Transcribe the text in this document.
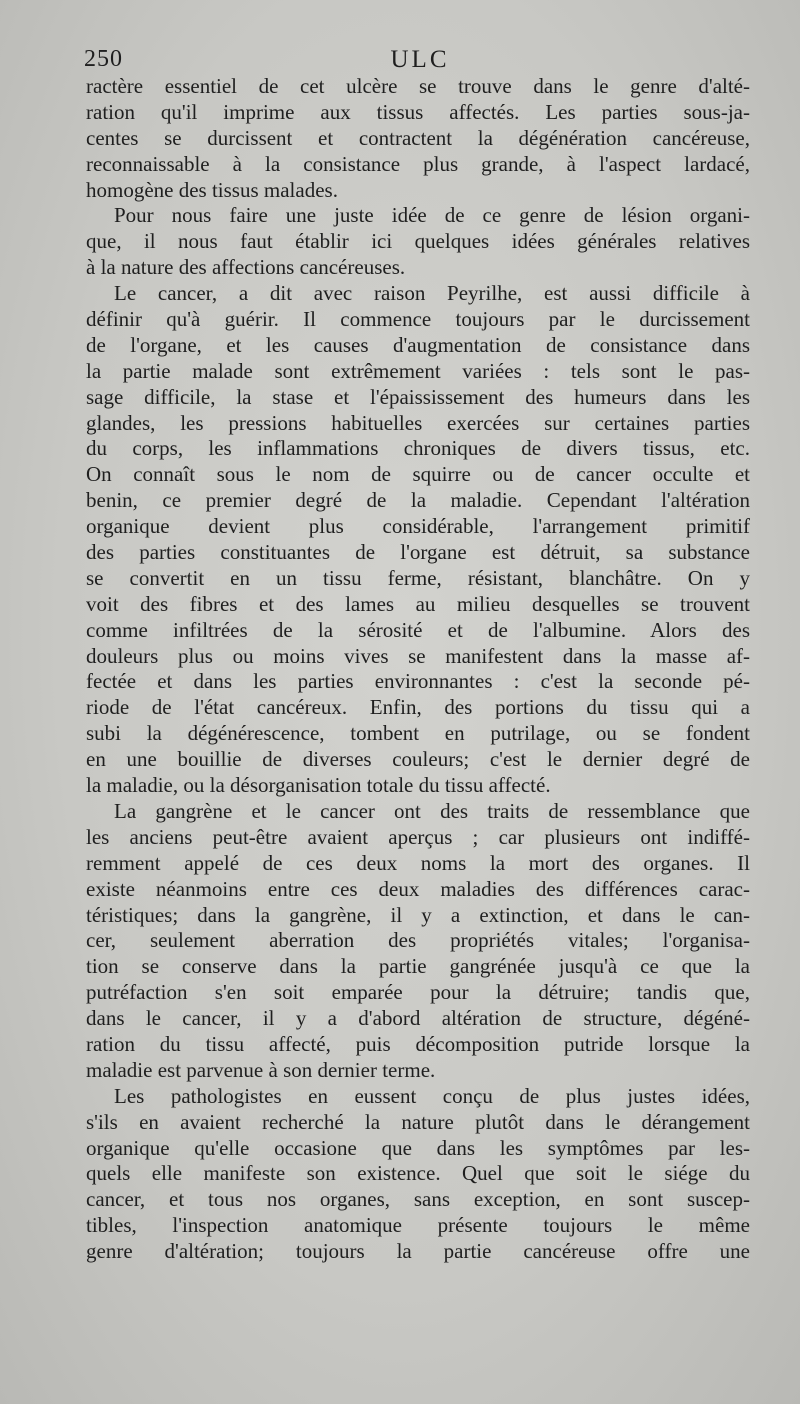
250	ULC
ractère essentiel de cet ulcère se trouve dans le genre d'alté-
ration qu'il imprime aux tissus affectés. Les parties sous-ja-
centes se durcissent et contractent la dégénération cancéreuse,
reconnaissable à la consistance plus grande, à l'aspect lardacé,
homogène des tissus malades.
Pour nous faire une juste idée de ce genre de lésion organi-
que, il nous faut établir ici quelques idées générales relatives
à la nature des affections cancéreuses.
Le cancer, a dit avec raison Peyrilhe, est aussi difficile à
définir qu'à guérir. Il commence toujours par le durcissement
de l'organe, et les causes d'augmentation de consistance dans
la partie malade sont extrêmement variées : tels sont le pas-
sage difficile, la stase et l'épaississement des humeurs dans les
glandes, les pressions habituelles exercées sur certaines parties
du corps, les inflammations chroniques de divers tissus, etc.
On connaît sous le nom de squirre ou de cancer occulte et
benin, ce premier degré de la maladie. Cependant l'altération
organique devient plus considérable, l'arrangement primitif
des parties constituantes de l'organe est détruit, sa substance
se convertit en un tissu ferme, résistant, blanchâtre. On y
voit des fibres et des lames au milieu desquelles se trouvent
comme infiltrées de la sérosité et de l'albumine. Alors des
douleurs plus ou moins vives se manifestent dans la masse af-
fectée et dans les parties environnantes : c'est la seconde pé-
riode de l'état cancéreux. Enfin, des portions du tissu qui a
subi la dégénérescence, tombent en putrilage, ou se fondent
en une bouillie de diverses couleurs; c'est le dernier degré de
la maladie, ou la désorganisation totale du tissu affecté.
La gangrène et le cancer ont des traits de ressemblance que
les anciens peut-être avaient aperçus ; car plusieurs ont indiffé-
remment appelé de ces deux noms la mort des organes. Il
existe néanmoins entre ces deux maladies des différences carac-
téristiques; dans la gangrène, il y a extinction, et dans le can-
cer, seulement aberration des propriétés vitales; l'organisa-
tion se conserve dans la partie gangrénée jusqu'à ce que la
putréfaction s'en soit emparée pour la détruire; tandis que,
dans le cancer, il y a d'abord altération de structure, dégéné-
ration du tissu affecté, puis décomposition putride lorsque la
maladie est parvenue à son dernier terme.
Les pathologistes en eussent conçu de plus justes idées,
s'ils en avaient recherché la nature plutôt dans le dérangement
organique qu'elle occasione que dans les symptômes par les-
quels elle manifeste son existence. Quel que soit le siége du
cancer, et tous nos organes, sans exception, en sont suscep-
tibles, l'inspection anatomique présente toujours le même
genre d'altération; toujours la partie cancéreuse offre une
